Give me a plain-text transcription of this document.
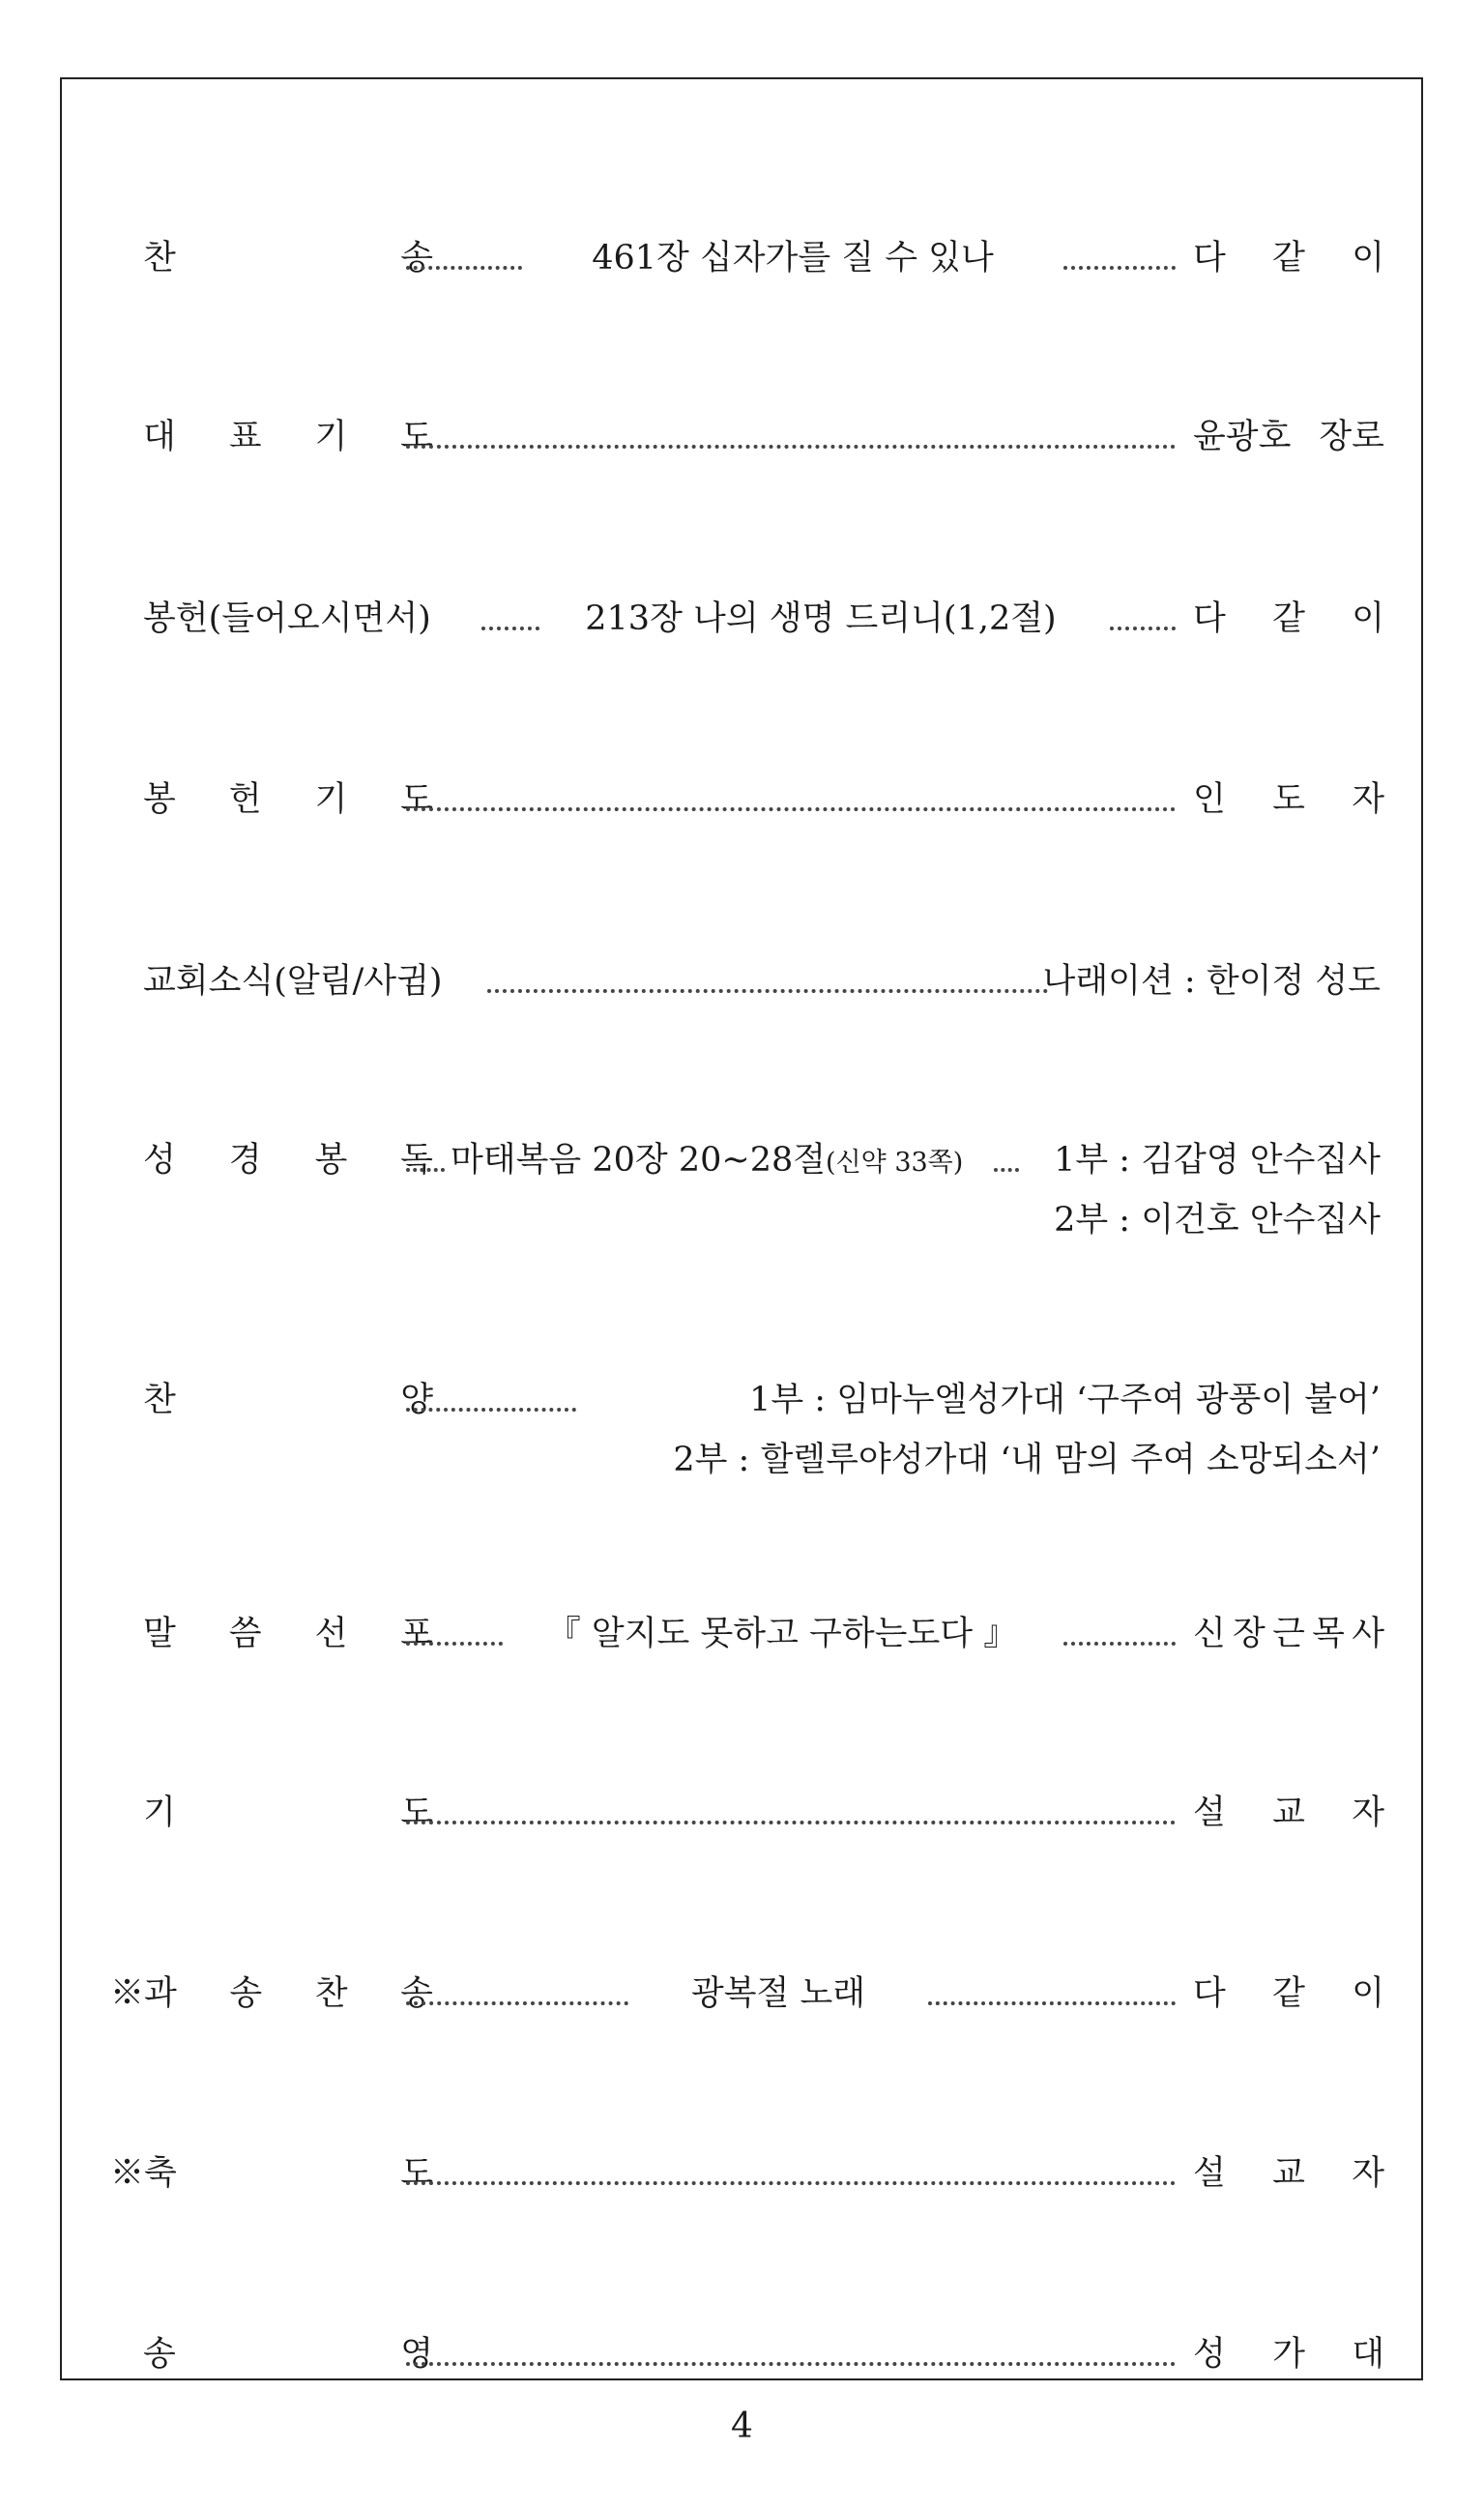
찬	송	461장 십자가를 질 수 있나	다 같 이
대 표 기 도	윤광호 장로
봉헌(들어오시면서)	213장 나의 생명 드리니(1,2절)	다 같 이
봉 헌 기 도	인 도 자
교회소식(알림/사귐)	나래이션 : 한이정 성도
성 경 봉 독 마태복음 20장 20~28절(신약 33쪽)	1부 : 김갑영 안수집사
2부 : 이건호 안수집사
찬	양	1부 : 임마누엘성가대 ‘구주여 광풍이 불어’
2부 : 할렐루야성가대 ‘내 맘의 주여 소망되소서’
말 씀 선 포	『 알지도 못하고 구하는도다 』	신 장 근 목 사
기	도	설 교 자
※과 송 찬 송	광복절 노래	다 같 이
※축	도	설 교 자
송	영	성 가 대
4
